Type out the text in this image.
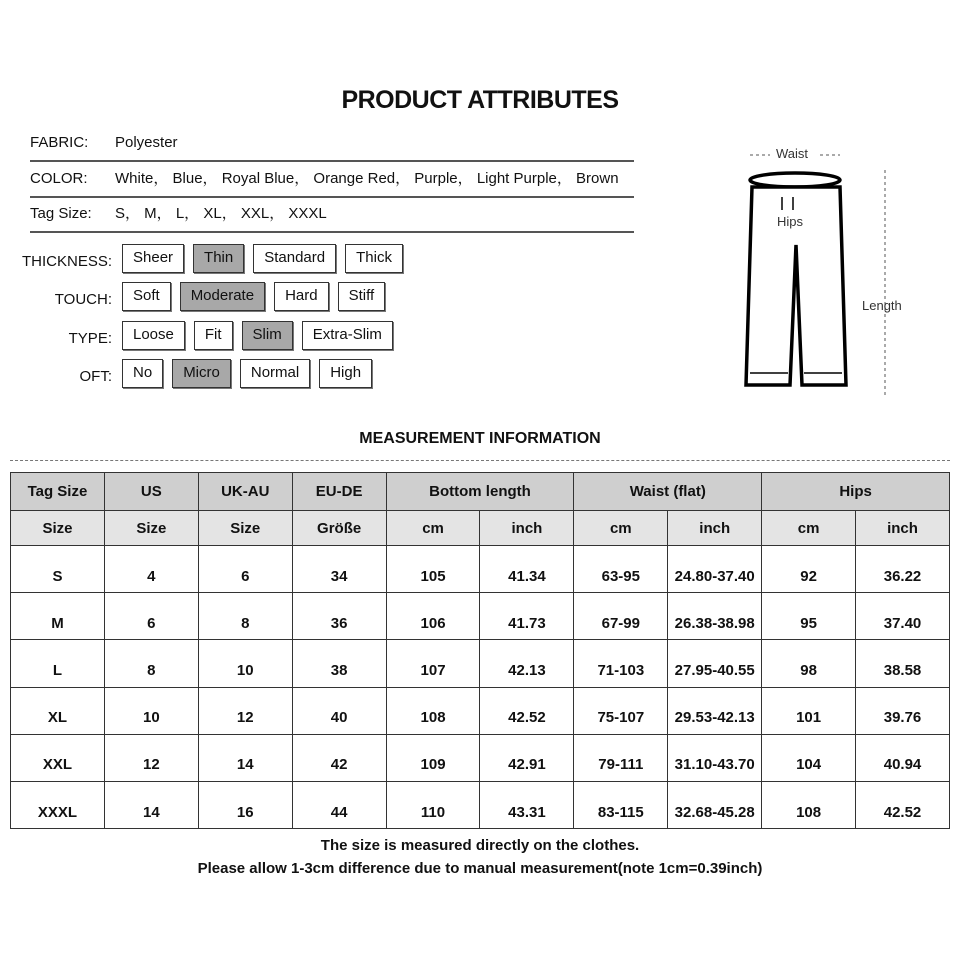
PRODUCT ATTRIBUTES
FABRIC: Polyester
COLOR: White， Blue， Royal Blue， Orange Red， Purple， Light Purple， Brown
Tag Size: S， M， L， XL， XXL， XXXL
THICKNESS:	Sheer	Thin	Standard	Thick
TOUCH:	Soft	Moderate	Hard	Stiff
TYPE:	Loose	Fit	Slim	Extra-Slim
OFT:	No	Micro	Normal	High
Waist
Hips
Length
MEASUREMENT INFORMATION
Tag Size	US	UK-AU	EU-DE	Bottom length		Waist (flat)		Hips	
Size	Size	Size	Größe	cm	inch	cm	inch	cm	inch
S	4	6	34	105	41.34	63-95	24.80-37.40	92	36.22
M	6	8	36	106	41.73	67-99	26.38-38.98	95	37.40
L	8	10	38	107	42.13	71-103	27.95-40.55	98	38.58
XL	10	12	40	108	42.52	75-107	29.53-42.13	101	39.76
XXL	12	14	42	109	42.91	79-111	31.10-43.70	104	40.94
XXXL	14	16	44	110	43.31	83-115	32.68-45.28	108	42.52
The size is measured directly on the clothes.
Please allow 1-3cm difference due to manual measurement(note 1cm=0.39inch)
